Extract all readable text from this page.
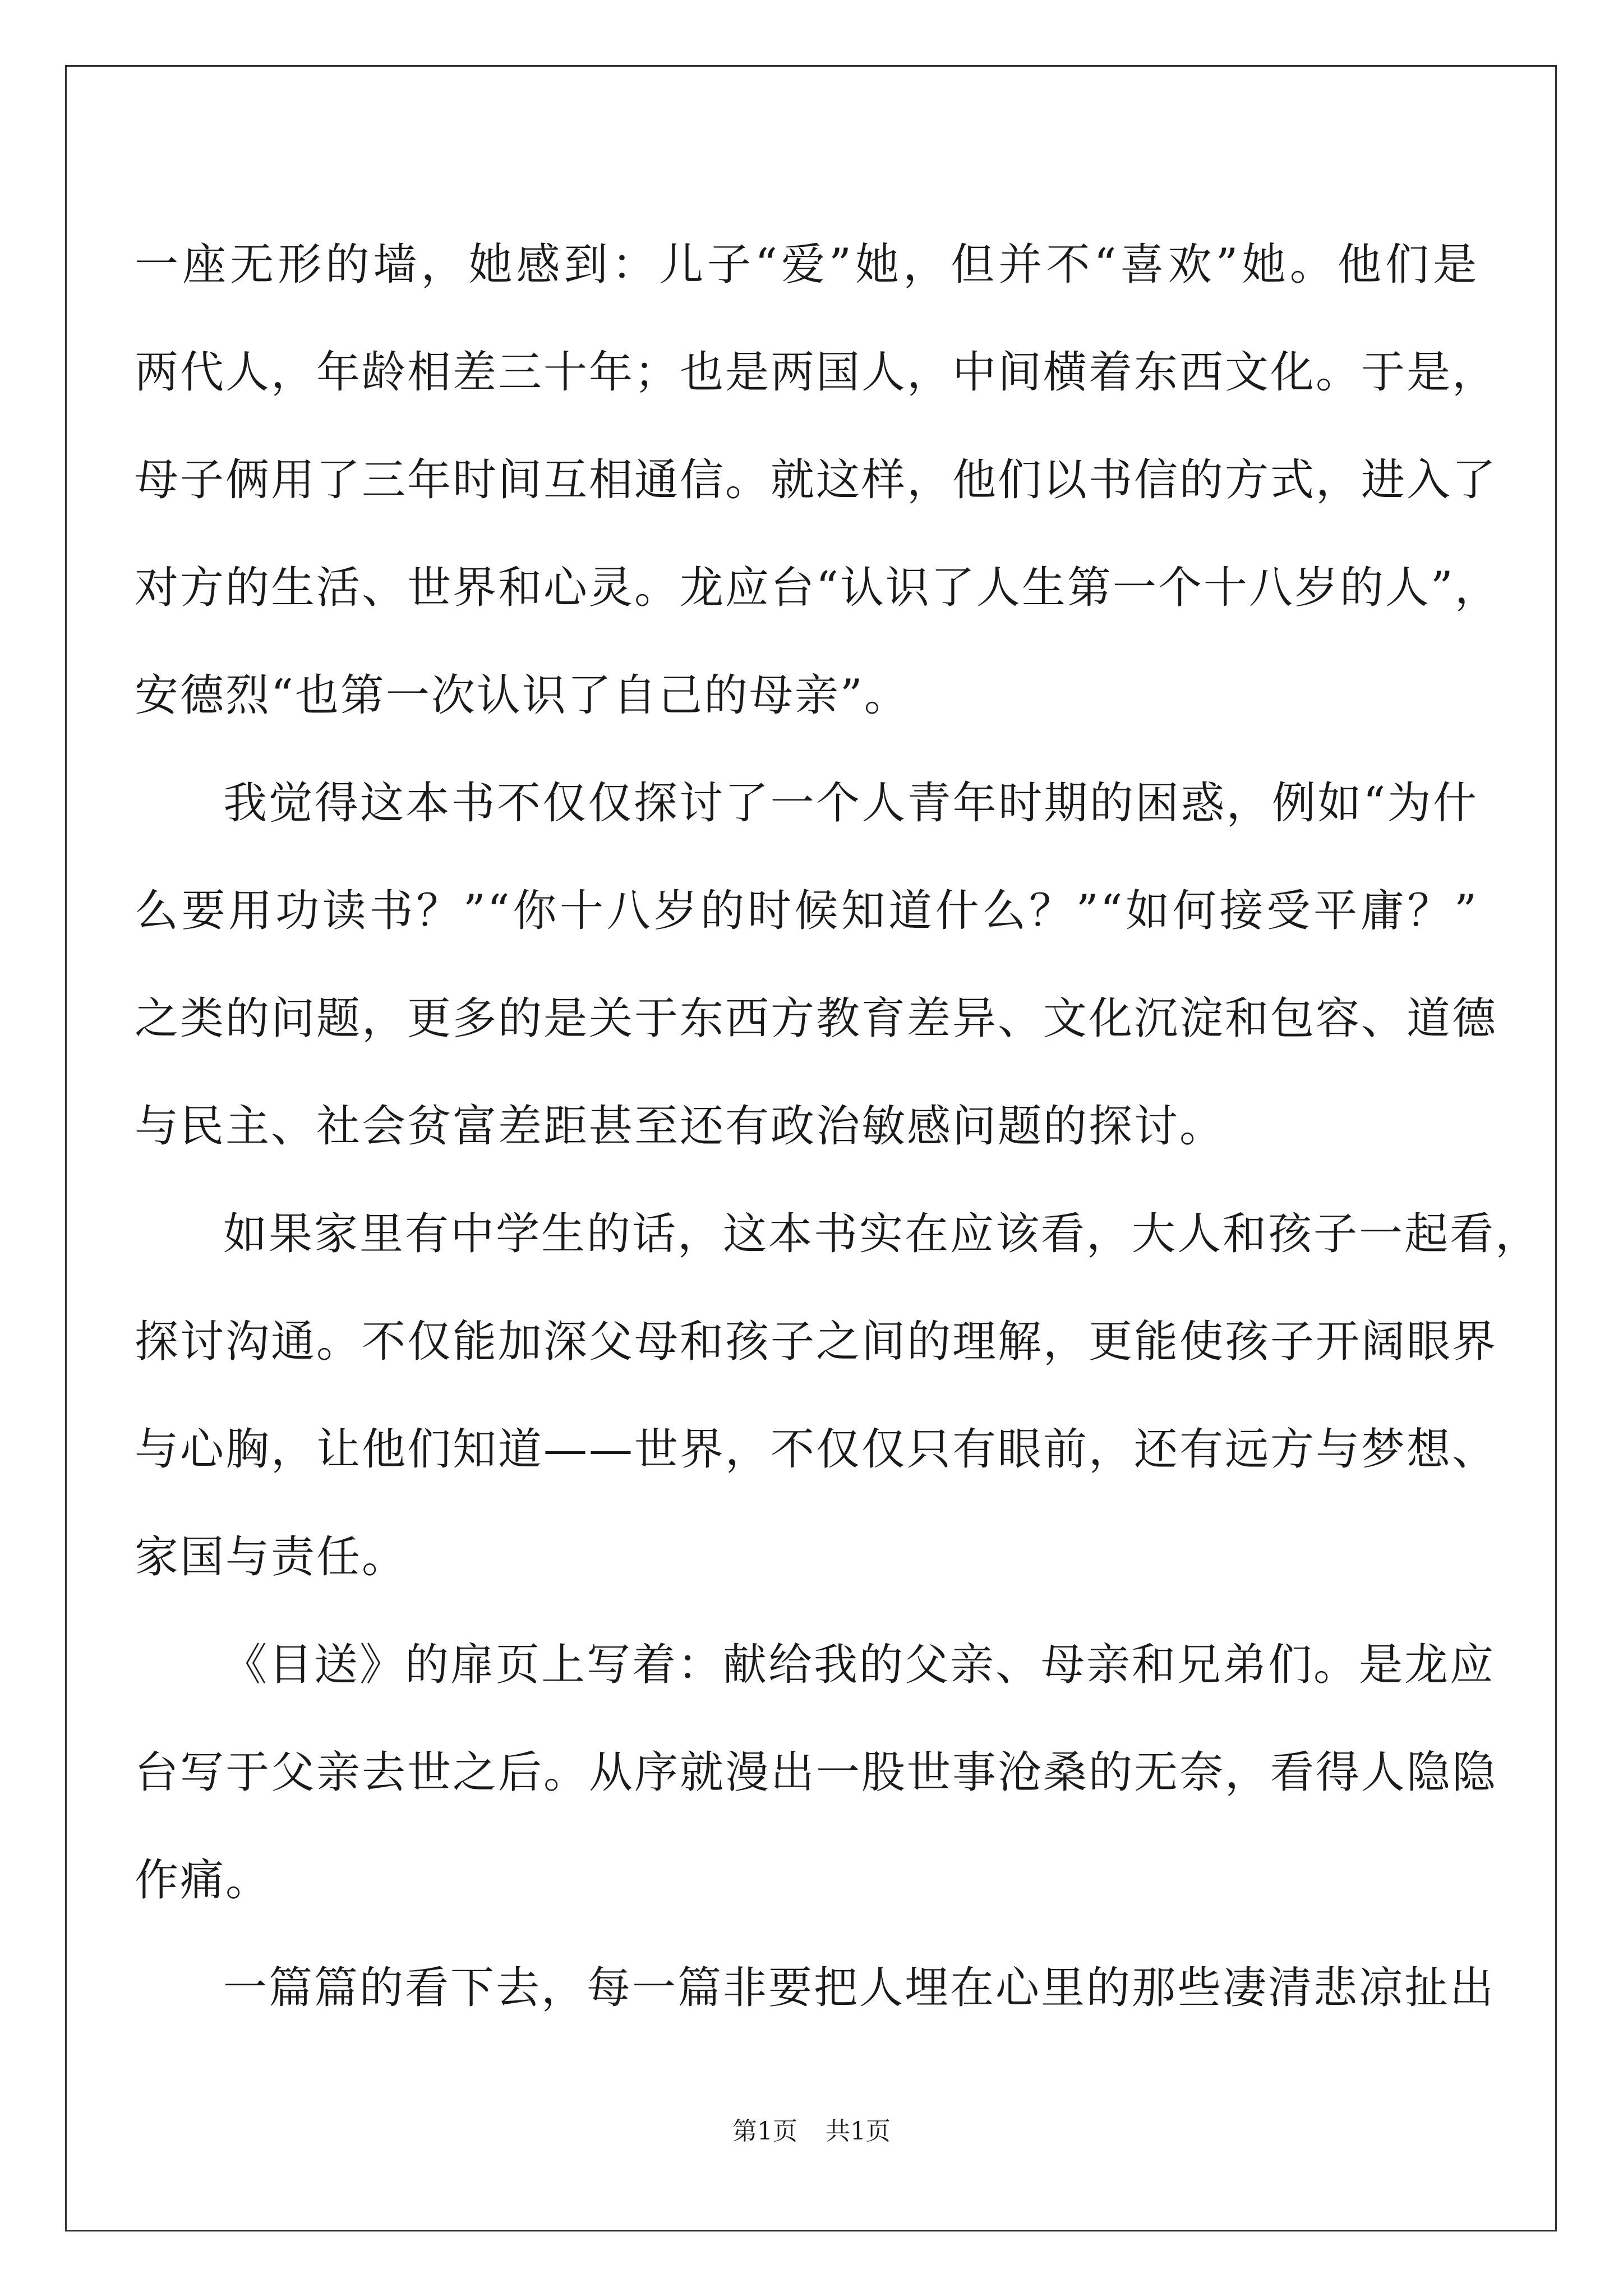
一座无形的墙，她感到：儿子“爱”她，但并不“喜欢”她。他们是
两代人，年龄相差三十年；也是两国人，中间横着东西文化。于是，
母子俩用了三年时间互相通信。就这样，他们以书信的方式，进入了
对方的生活、世界和心灵。龙应台“认识了人生第一个十八岁的人”，
安德烈“也第一次认识了自己的母亲”。
我觉得这本书不仅仅探讨了一个人青年时期的困惑，例如“为什
么要用功读书？”“你十八岁的时候知道什么？”“如何接受平庸？”
之类的问题，更多的是关于东西方教育差异、文化沉淀和包容、道德
与民主、社会贫富差距甚至还有政治敏感问题的探讨。
如果家里有中学生的话，这本书实在应该看，大人和孩子一起看，
探讨沟通。不仅能加深父母和孩子之间的理解，更能使孩子开阔眼界
与心胸，让他们知道——世界，不仅仅只有眼前，还有远方与梦想、
家国与责任。
《目送》的扉页上写着：献给我的父亲、母亲和兄弟们。是龙应
台写于父亲去世之后。从序就漫出一股世事沧桑的无奈，看得人隐隐
作痛。
一篇篇的看下去，每一篇非要把人埋在心里的那些凄清悲凉扯出
第1页 共1页
